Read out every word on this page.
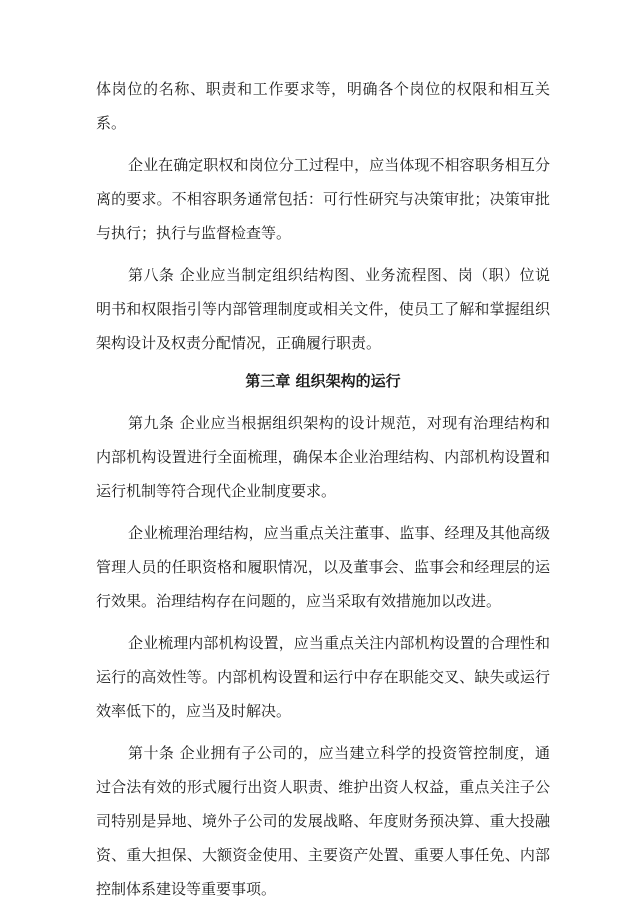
体岗位的名称、职责和工作要求等，明确各个岗位的权限和相互关系。

企业在确定职权和岗位分工过程中，应当体现不相容职务相互分离的要求。不相容职务通常包括：可行性研究与决策审批；决策审批与执行；执行与监督检查等。

第八条 企业应当制定组织结构图、业务流程图、岗（职）位说 明书和权限指引等内部管理制度或相关文件，使员工了解和掌握组织架构设计及权责分配情况，正确履行职责。

第三章 组织架构的运行

第九条 企业应当根据组织架构的设计规范，对现有治理结构和内部机构设置进行全面梳理，确保本企业治理结构、内部机构设置和运行机制等符合现代企业制度要求。

企业梳理治理结构，应当重点关注董事、监事、经理及其他高级管理人员的任职资格和履职情况，以及董事会、监事会和经理层的运行效果。治理结构存在问题的，应当采取有效措施加以改进。

企业梳理内部机构设置，应当重点关注内部机构设置的合理性和运行的高效性等。内部机构设置和运行中存在职能交叉、缺失或运行效率低下的，应当及时解决。

第十条 企业拥有子公司的，应当建立科学的投资管控制度，通过合法有效的形式履行出资人职责、维护出资人权益，重点关注子公司特别是异地、境外子公司的发展战略、年度财务预决算、重大投融资、重大担保、大额资金使用、主要资产处置、重要人事任免、内部控制体系建设等重要事项。
